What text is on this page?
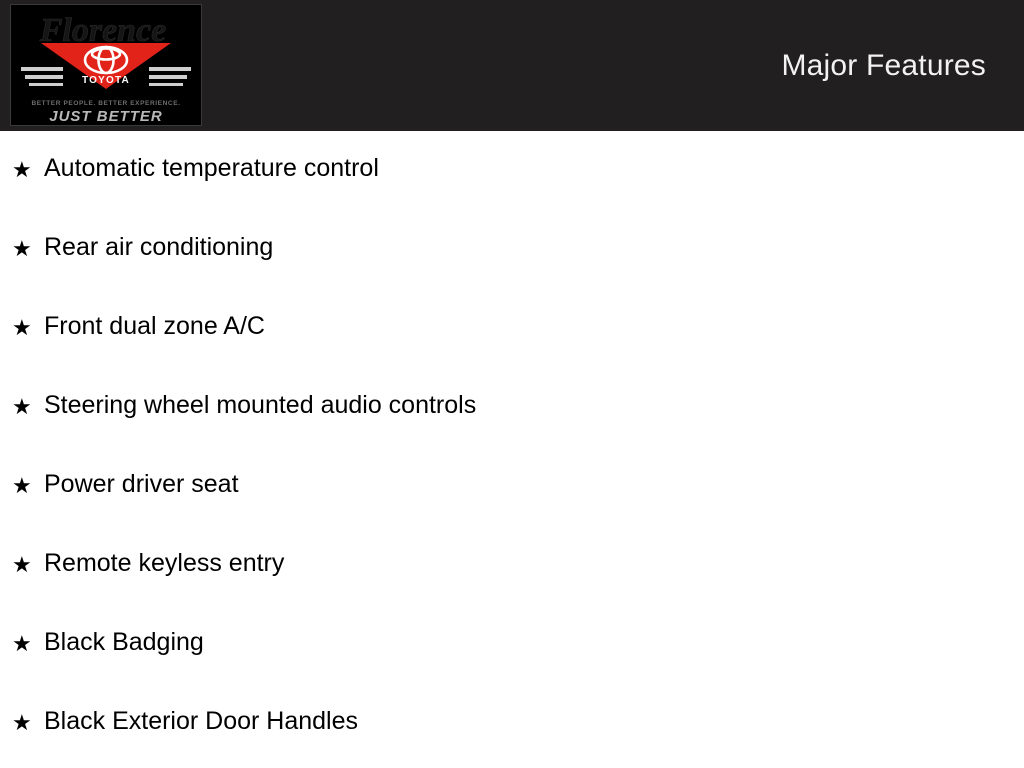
Major Features
TOYOTA
Florence
BETTER PEOPLE. BETTER EXPERIENCE.
JUST BETTER
★ Automatic temperature control
★ Rear air conditioning
★ Front dual zone A/C
★ Steering wheel mounted audio controls
★ Power driver seat
★ Remote keyless entry
★ Black Badging
★ Black Exterior Door Handles
